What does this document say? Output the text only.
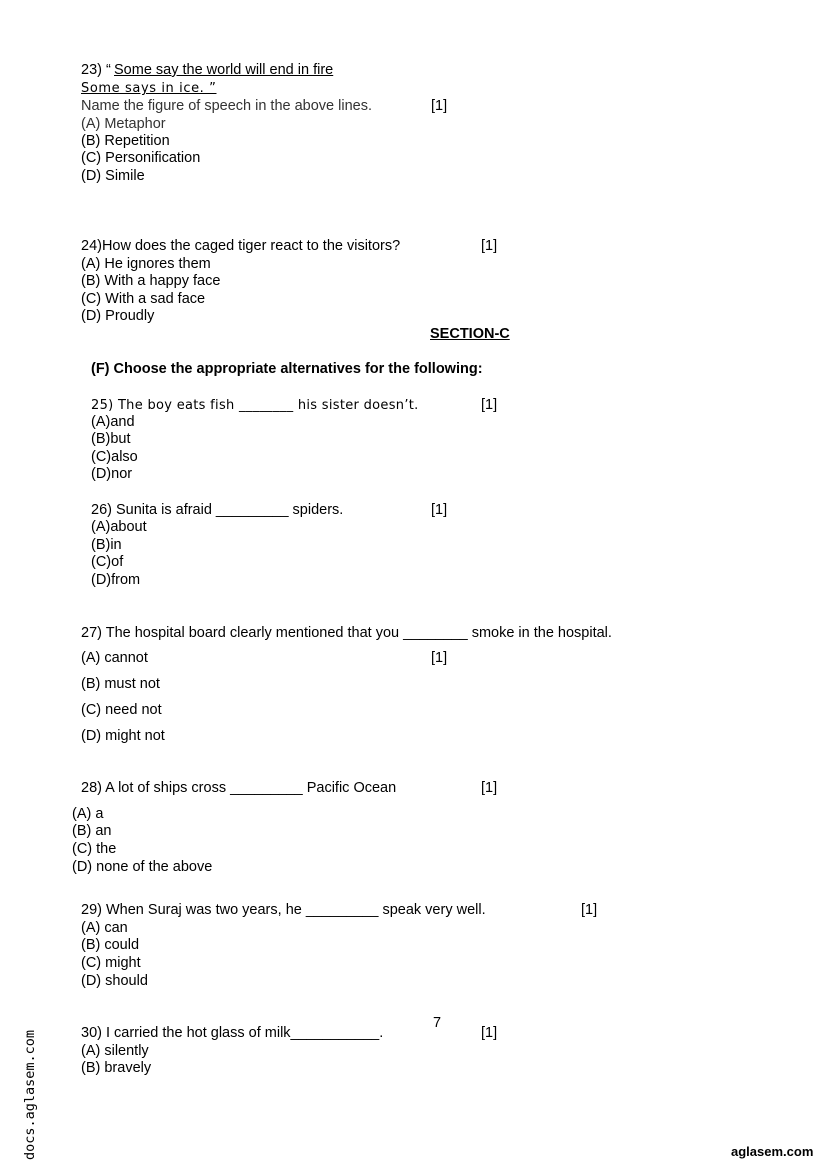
23) “ Some say the world will end in fire
Some says in ice. ”
Name the figure of speech in the above lines.	[1]
(A) Metaphor
(B) Repetition
(C) Personification
(D) Simile
24)How does the caged tiger react to the visitors?	[1]
(A) He ignores them
(B) With a happy face
(C) With a sad face
(D) Proudly
SECTION-C
(F) Choose the appropriate alternatives for the following:
25) The boy eats fish ________ his sister doesn’t.	[1]
(A)and
(B)but
(C)also
(D)nor
26) Sunita is afraid _________ spiders.	[1]
(A)about
(B)in
(C)of
(D)from
27) The hospital board clearly mentioned that you ________ smoke in the hospital.
(A) cannot	[1]
(B) must not
(C) need not
(D) might not
28) A lot of ships cross _________ Pacific Ocean	[1]
(A) a
(B) an
(C) the
(D) none of the above
29) When Suraj was two years, he _________ speak very well.	[1]
(A) can
(B) could
(C) might
(D) should
7
30) I carried the hot glass of milk___________.	[1]
(A) silently
(B) bravely
docs.aglasem.com	aglasem.com
